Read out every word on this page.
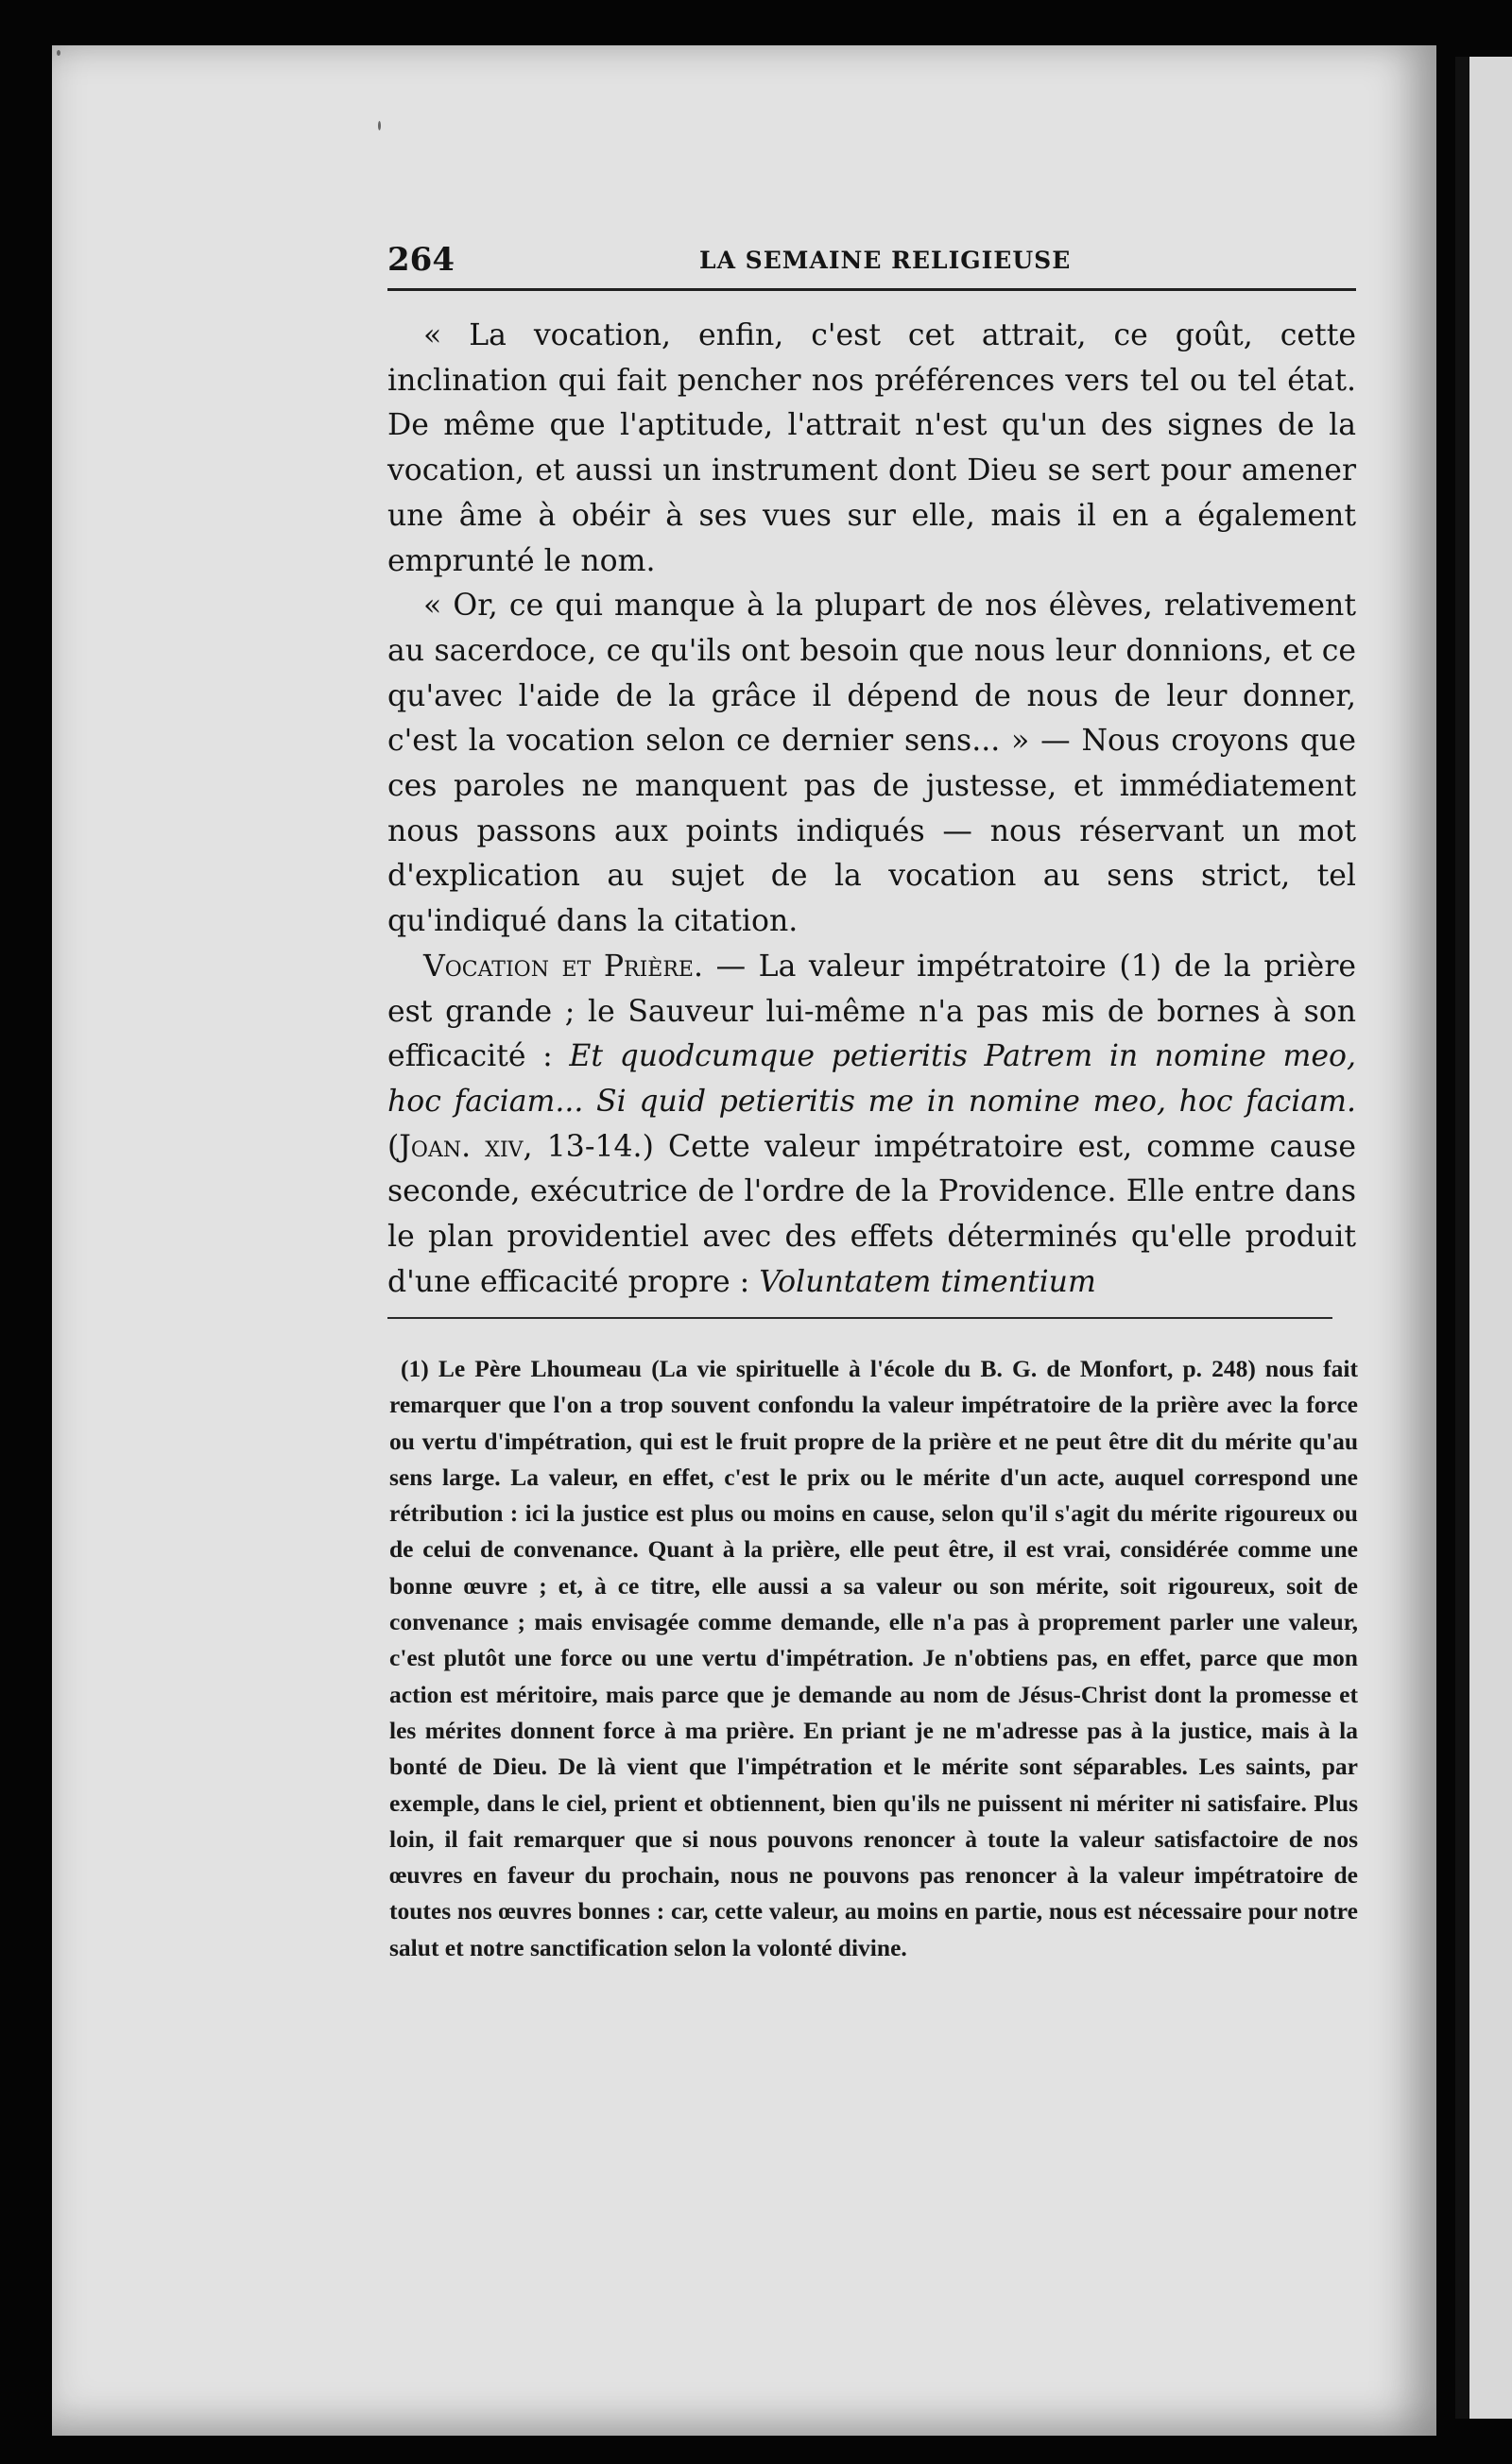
264	LA SEMAINE RELIGIEUSE

« La vocation, enfin, c'est cet attrait, ce goût, cette inclination qui fait pencher nos préférences vers tel ou tel état. De même que l'aptitude, l'attrait n'est qu'un des signes de la vocation, et aussi un instrument dont Dieu se sert pour amener une âme à obéir à ses vues sur elle, mais il en a également emprunté le nom.

« Or, ce qui manque à la plupart de nos élèves, relativement au sacerdoce, ce qu'ils ont besoin que nous leur donnions, et ce qu'avec l'aide de la grâce il dépend de nous de leur donner, c'est la vocation selon ce dernier sens... » — Nous croyons que ces paroles ne manquent pas de justesse, et immédiatement nous passons aux points indiqués — nous réservant un mot d'explication au sujet de la vocation au sens strict, tel qu'indiqué dans la citation.

Vocation et Prière. — La valeur impétratoire (1) de la prière est grande ; le Sauveur lui-même n'a pas mis de bornes à son efficacité : Et quodcumque petieritis Patrem in nomine meo, hoc faciam... Si quid petieritis me in nomine meo, hoc faciam. (Joan. xiv, 13-14.) Cette valeur impétratoire est, comme cause seconde, exécutrice de l'ordre de la Providence. Elle entre dans le plan providentiel avec des effets déterminés qu'elle produit d'une efficacité propre : Voluntatem timentium

(1) Le Père Lhoumeau (La vie spirituelle à l'école du B. G. de Monfort, p. 248) nous fait remarquer que l'on a trop souvent confondu la valeur impétratoire de la prière avec la force ou vertu d'impétration, qui est le fruit propre de la prière et ne peut être dit du mérite qu'au sens large. La valeur, en effet, c'est le prix ou le mérite d'un acte, auquel correspond une rétribution : ici la justice est plus ou moins en cause, selon qu'il s'agit du mérite rigoureux ou de celui de convenance. Quant à la prière, elle peut être, il est vrai, considérée comme une bonne œuvre ; et, à ce titre, elle aussi a sa valeur ou son mérite, soit rigoureux, soit de convenance ; mais envisagée comme demande, elle n'a pas à proprement parler une valeur, c'est plutôt une force ou une vertu d'impétration. Je n'obtiens pas, en effet, parce que mon action est méritoire, mais parce que je demande au nom de Jésus-Christ dont la promesse et les mérites donnent force à ma prière. En priant je ne m'adresse pas à la justice, mais à la bonté de Dieu. De là vient que l'impétration et le mérite sont séparables. Les saints, par exemple, dans le ciel, prient et obtiennent, bien qu'ils ne puissent ni mériter ni satisfaire. Plus loin, il fait remarquer que si nous pouvons renoncer à toute la valeur satisfactoire de nos œuvres en faveur du prochain, nous ne pouvons pas renoncer à la valeur impétratoire de toutes nos œuvres bonnes : car, cette valeur, au moins en partie, nous est nécessaire pour notre salut et notre sanctification selon la volonté divine.
